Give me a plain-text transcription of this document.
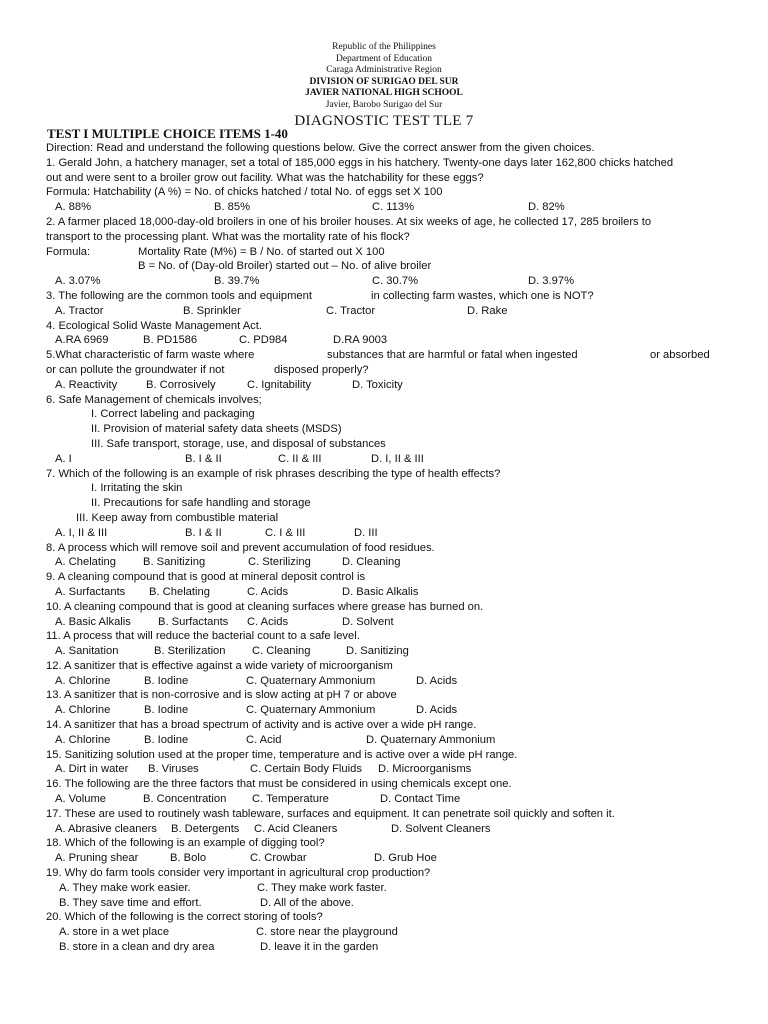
Republic of the Philippines
Department of Education
Caraga Administrative Region
DIVISION OF SURIGAO DEL SUR
JAVIER NATIONAL HIGH SCHOOL
Javier, Barobo Surigao del Sur
DIAGNOSTIC TEST TLE 7
TEST I MULTIPLE CHOICE ITEMS 1-40
Direction: Read and understand the following questions below. Give the correct answer from the given choices.
1. Gerald John, a hatchery manager, set a total of 185,000 eggs in his hatchery. Twenty-one days later 162,800 chicks hatched
out and were sent to a broiler grow out facility. What was the hatchability for these eggs?
Formula: Hatchability (A %) = No. of chicks hatched / total No. of eggs set X 100
A. 88%	B. 85%	C. 113%	D. 82%
2. A farmer placed 18,000-day-old broilers in one of his broiler houses. At six weeks of age, he collected 17, 285 broilers to
transport to the processing plant. What was the mortality rate of his flock?
Formula:	Mortality Rate (M%) = B / No. of started out X 100
B = No. of (Day-old Broiler) started out – No. of alive broiler
A. 3.07%	B. 39.7%	C. 30.7%	D. 3.97%
3. The following are the common tools and equipment	in collecting farm wastes, which one is NOT?
A. Tractor	B. Sprinkler	C. Tractor	D. Rake
4. Ecological Solid Waste Management Act.
A.RA 6969	B. PD1586	C. PD984	D.RA 9003
5.What characteristic of farm waste where	substances that are harmful or fatal when ingested	or absorbed
or can pollute the groundwater if not	disposed properly?
A. Reactivity	B. Corrosively	C. Ignitability	D. Toxicity
6. Safe Management of chemicals involves;
I. Correct labeling and packaging
II. Provision of material safety data sheets (MSDS)
III. Safe transport, storage, use, and disposal of substances
A. I	B. I & II	C. II & III	D. I, II & III
7. Which of the following is an example of risk phrases describing the type of health effects?
I. Irritating the skin
II. Precautions for safe handling and storage
III. Keep away from combustible material
A. I, II & III	B. I & II	C. I & III	D. III
8. A process which will remove soil and prevent accumulation of food residues.
A. Chelating B. Sanitizing	C. Sterilizing	D. Cleaning
9. A cleaning compound that is good at mineral deposit control is
A. Surfactants B. Chelating	C. Acids	D. Basic Alkalis
10. A cleaning compound that is good at cleaning surfaces where grease has burned on.
A. Basic Alkalis B. Surfactants C. Acids	D. Solvent
11. A process that will reduce the bacterial count to a safe level.
A. Sanitation	B. Sterilization C. Cleaning	D. Sanitizing
12. A sanitizer that is effective against a wide variety of microorganism
A. Chlorine	B. Iodine	C. Quaternary Ammonium	D. Acids
13. A sanitizer that is non-corrosive and is slow acting at pH 7 or above
A. Chlorine	B. Iodine	C. Quaternary Ammonium	D. Acids
14. A sanitizer that has a broad spectrum of activity and is active over a wide pH range.
A. Chlorine	B. Iodine	C. Acid	D. Quaternary Ammonium
15. Sanitizing solution used at the proper time, temperature and is active over a wide pH range.
A. Dirt in water B. Viruses	C. Certain Body Fluids D. Microorganisms
16. The following are the three factors that must be considered in using chemicals except one.
A. Volume	B. Concentration C. Temperature	D. Contact Time
17. These are used to routinely wash tableware, surfaces and equipment. It can penetrate soil quickly and soften it.
A. Abrasive cleaners B. Detergents C. Acid Cleaners	D. Solvent Cleaners
18. Which of the following is an example of digging tool?
A. Pruning shear	B. Bolo	C. Crowbar	D. Grub Hoe
19. Why do farm tools consider very important in agricultural crop production?
A. They make work easier.	C. They make work faster.
B. They save time and effort.	D. All of the above.
20. Which of the following is the correct storing of tools?
A. store in a wet place	C. store near the playground
B. store in a clean and dry area	D. leave it in the garden
